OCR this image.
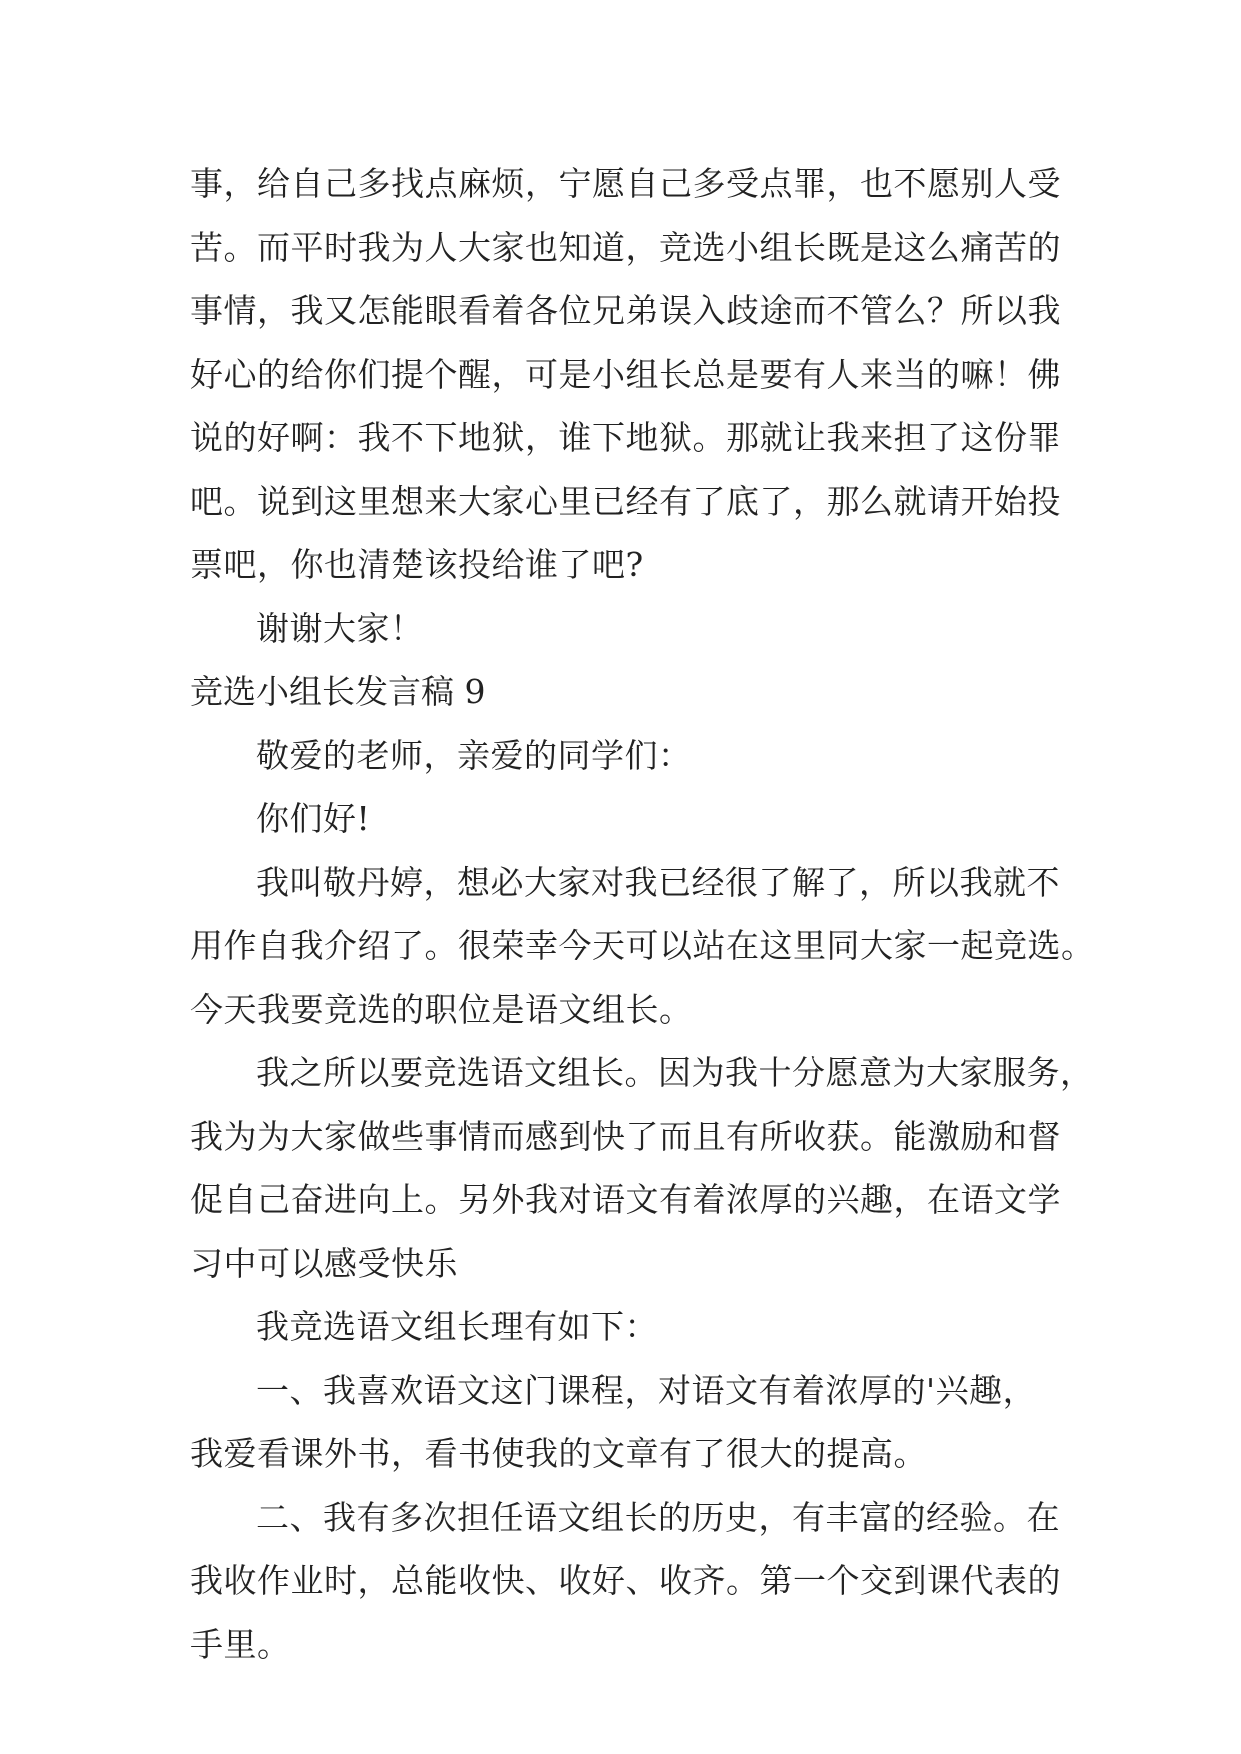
事，给自己多找点麻烦，宁愿自己多受点罪，也不愿别人受
苦。而平时我为人大家也知道，竞选小组长既是这么痛苦的
事情，我又怎能眼看着各位兄弟误入歧途而不管么？所以我
好心的给你们提个醒，可是小组长总是要有人来当的嘛！佛
说的好啊：我不下地狱，谁下地狱。那就让我来担了这份罪
吧。说到这里想来大家心里已经有了底了，那么就请开始投
票吧，你也清楚该投给谁了吧?
谢谢大家！
竞选小组长发言稿 9
敬爱的老师，亲爱的同学们：
你们好!
我叫敬丹婷，想必大家对我已经很了解了，所以我就不
用作自我介绍了。很荣幸今天可以站在这里同大家一起竞选。
今天我要竞选的职位是语文组长。
我之所以要竞选语文组长。因为我十分愿意为大家服务，
我为为大家做些事情而感到快了而且有所收获。能激励和督
促自己奋进向上。另外我对语文有着浓厚的兴趣，在语文学
习中可以感受快乐
我竞选语文组长理有如下：
一、我喜欢语文这门课程，对语文有着浓厚的'兴趣，
我爱看课外书，看书使我的文章有了很大的提高。
二、我有多次担任语文组长的历史，有丰富的经验。在
我收作业时，总能收快、收好、收齐。第一个交到课代表的
手里。
